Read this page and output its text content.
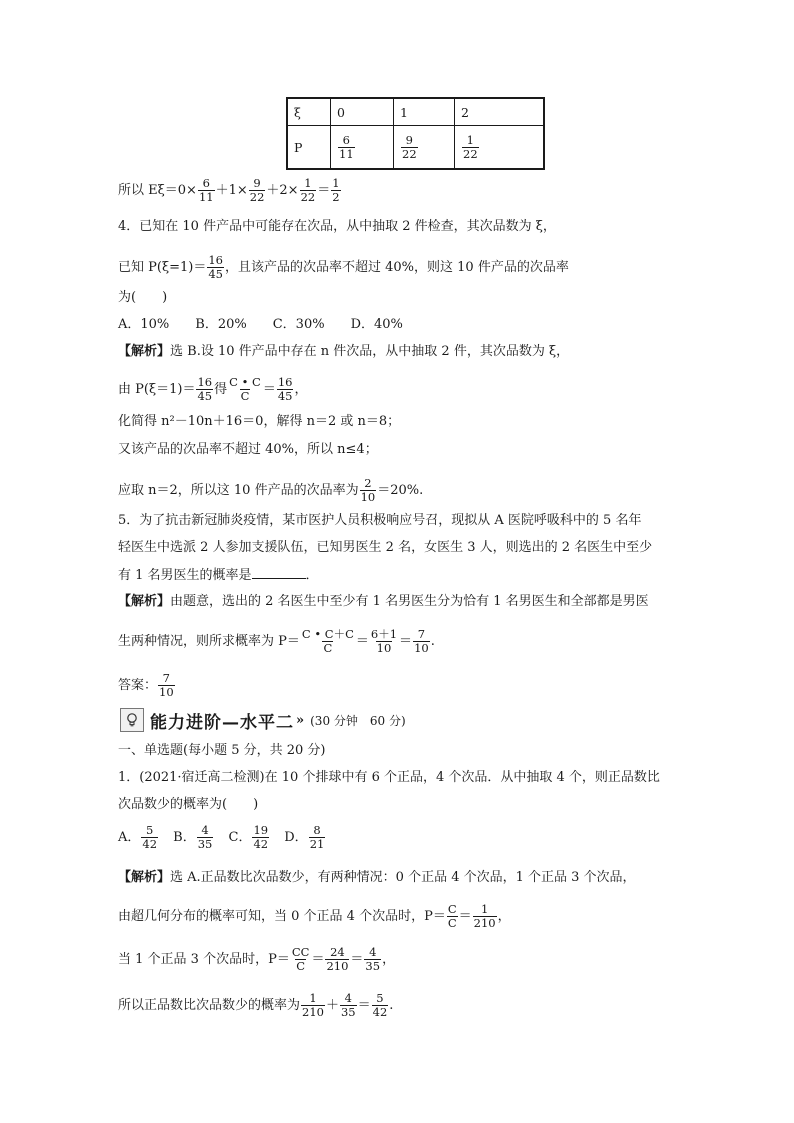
ξ	0	1	2
P	$\frac{6}{11}$	$\frac{9}{22}$	$\frac{1}{22}$
所以 $E\xi=0\times \frac{6}{11} +1\times \frac{9}{22} +2\times \frac{1}{22} = \frac{1}{2}$
4．已知在 10 件产品中可能存在次品，从中抽取 2 件检查，其次品数为 ξ，
已知 $P(\xi=1)= \frac{16}{45}$ ，且该产品的次品率不超过 40%，则这 10 件产品的次品率
为(　　)
A．10%　　B．20%　　C．30%　　D．40%
【解析】选 B.设 10 件产品中存在 n 件次品，从中抽取 2 件，其次品数为 ξ，
由 $P(\xi=1)= \frac{16}{45}$ 得 $\frac{C • C}{C} = \frac{16}{45}$ ，
化简得 n²－10n＋16＝0，解得 n＝2 或 n＝8；
又该产品的次品率不超过 40%，所以 n≤4；
应取 n＝2，所以这 10 件产品的次品率为 $\frac{2}{10} =20\%$.
5．为了抗击新冠肺炎疫情，某市医护人员积极响应号召，现拟从 A 医院呼吸科中的 5 名年
轻医生中选派 2 人参加支援队伍，已知男医生 2 名，女医生 3 人，则选出的 2 名医生中至少
有 1 名男医生的概率是	．
【解析】由题意，选出的 2 名医生中至少有 1 名男医生分为恰有 1 名男医生和全部都是男医
生两种情况，则所求概率为 $P= \frac{C • C+C}{C} = \frac{6+1}{10} = \frac{7}{10}$ .
答案： $\frac{7}{10}$
能力进阶—水平二 » (30 分钟　60 分)
一、单选题(每小题 5 分，共 20 分)
1．(2021·宿迁高二检测)在 10 个排球中有 6 个正品，4 个次品．从中抽取 4 个，则正品数比
次品数少的概率为(　　)
A． $\frac{5}{42}$ B． $\frac{4}{35}$ C． $\frac{19}{42}$ D． $\frac{8}{21}$
【解析】选 A.正品数比次品数少，有两种情况：0 个正品 4 个次品，1 个正品 3 个次品，
由超几何分布的概率可知，当 0 个正品 4 个次品时，$P= \frac{C}{C} = \frac{1}{210}$ ，
当 1 个正品 3 个次品时，$P= \frac{CC}{C} = \frac{24}{210} = \frac{4}{35}$ ，
所以正品数比次品数少的概率为 $\frac{1}{210} + \frac{4}{35} = \frac{5}{42}$ .
